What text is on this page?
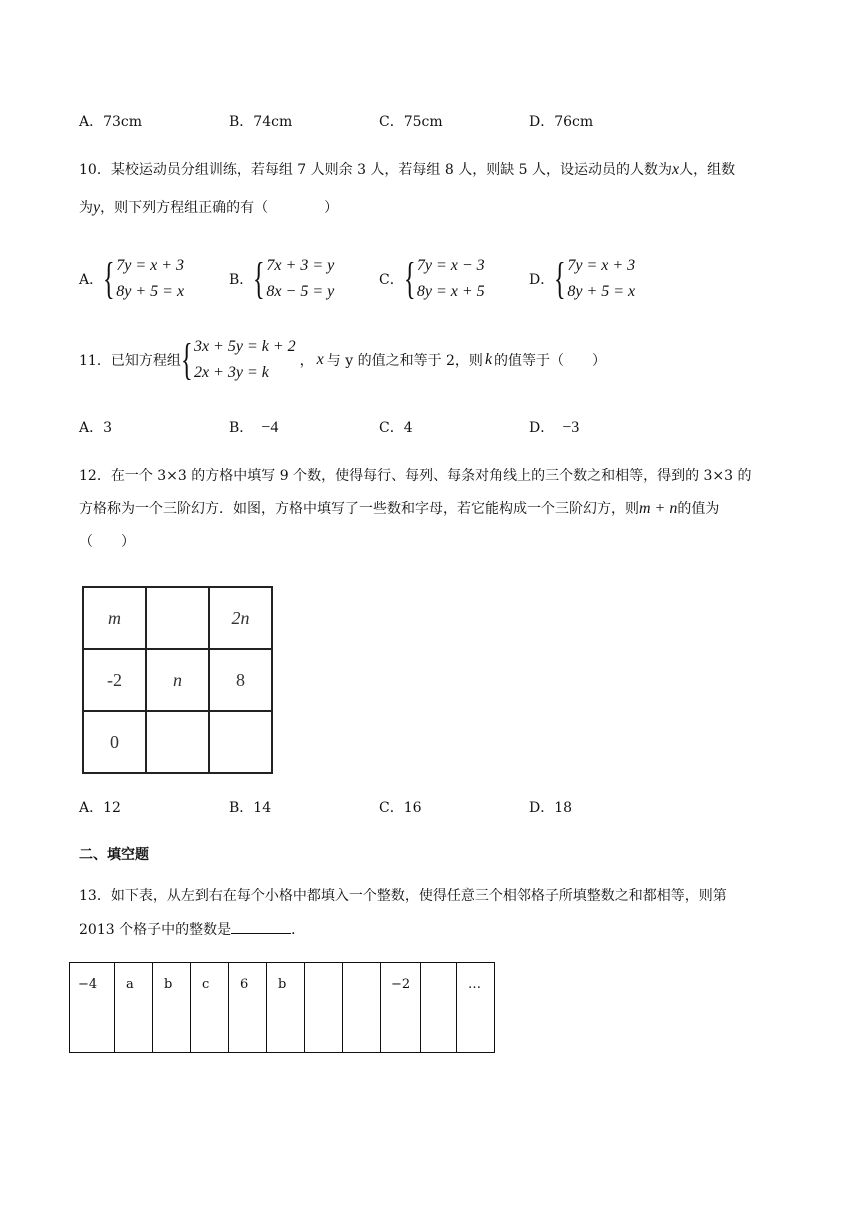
A．73cm	B．74cm	C．75cm	D．76cm
10．某校运动员分组训练，若每组 7 人则余 3 人，若每组 8 人，则缺 5 人，设运动员的人数为x人，组数
为y，则下列方程组正确的有（　　　　）
A． { 7y = x + 3
8y + 5 = x
B． { 7x + 3 = y
8x − 5 = y
C． { 7y = x − 3
8y = x + 5
D． { 7y = x + 3
8y + 5 = x
11．已知方程组 { 3x + 5y = k + 2
2x + 3y = k
， x 与 y 的值之和等于 2，则 k 的值等于（　　）
A．3	B． −4	C．4	D． −3
12．在一个 3×3 的方格中填写 9 个数，使得每行、每列、每条对角线上的三个数之和相等，得到的 3×3 的
方格称为一个三阶幻方．如图，方格中填写了一些数和字母，若它能构成一个三阶幻方，则m + n的值为
（　　）
m		2n
-2	n	8
0		
A．12	B．14	C．16	D．18
二、填空题
13．如下表，从左到右在每个小格中都填入一个整数，使得任意三个相邻格子所填整数之和都相等，则第
2013 个格子中的整数是	．
−4	a	b	c	6	b			−2		…
